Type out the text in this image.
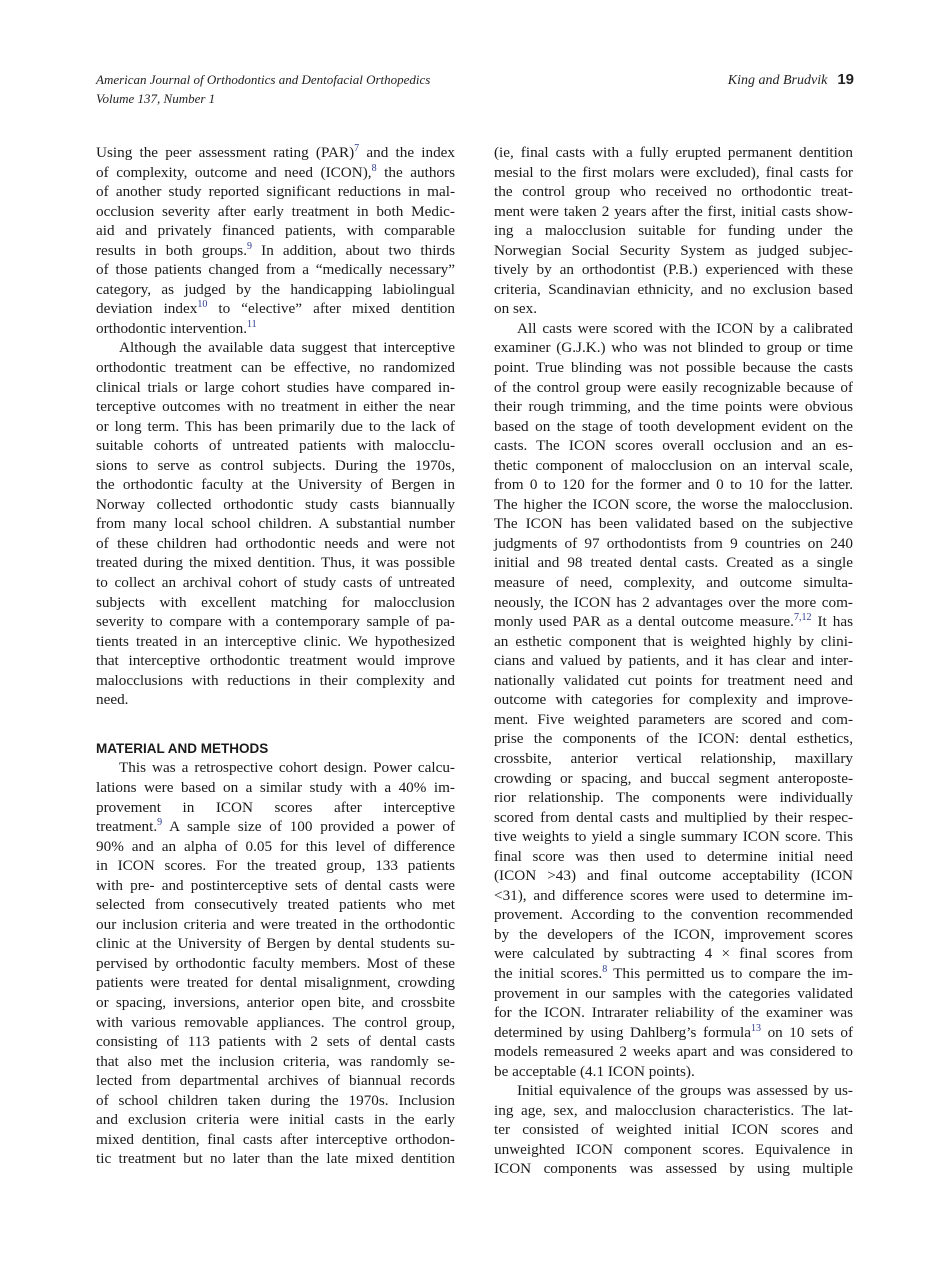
American Journal of Orthodontics and Dentofacial Orthopedics
Volume 137, Number 1
King and Brudvik 19
Using the peer assessment rating (PAR)$^7$ and the index
of complexity, outcome and need (ICON),$^8$ the authors
of another study reported significant reductions in mal-
occlusion severity after early treatment in both Medic-
aid and privately financed patients, with comparable
results in both groups.$^9$ In addition, about two thirds
of those patients changed from a “medically necessary”
category, as judged by the handicapping labiolingual
deviation index$^{10}$ to “elective” after mixed dentition
orthodontic intervention.$^{11}$
Although the available data suggest that interceptive
orthodontic treatment can be effective, no randomized
clinical trials or large cohort studies have compared in-
terceptive outcomes with no treatment in either the near
or long term. This has been primarily due to the lack of
suitable cohorts of untreated patients with malocclu-
sions to serve as control subjects. During the 1970s,
the orthodontic faculty at the University of Bergen in
Norway collected orthodontic study casts biannually
from many local school children. A substantial number
of these children had orthodontic needs and were not
treated during the mixed dentition. Thus, it was possible
to collect an archival cohort of study casts of untreated
subjects with excellent matching for malocclusion
severity to compare with a contemporary sample of pa-
tients treated in an interceptive clinic. We hypothesized
that interceptive orthodontic treatment would improve
malocclusions with reductions in their complexity and
need.
MATERIAL AND METHODS
This was a retrospective cohort design. Power calcu-
lations were based on a similar study with a 40% im-
provement in ICON scores after interceptive
treatment.$^9$ A sample size of 100 provided a power of
90% and an alpha of 0.05 for this level of difference
in ICON scores. For the treated group, 133 patients
with pre- and postinterceptive sets of dental casts were
selected from consecutively treated patients who met
our inclusion criteria and were treated in the orthodontic
clinic at the University of Bergen by dental students su-
pervised by orthodontic faculty members. Most of these
patients were treated for dental misalignment, crowding
or spacing, inversions, anterior open bite, and crossbite
with various removable appliances. The control group,
consisting of 113 patients with 2 sets of dental casts
that also met the inclusion criteria, was randomly se-
lected from departmental archives of biannual records
of school children taken during the 1970s. Inclusion
and exclusion criteria were initial casts in the early
mixed dentition, final casts after interceptive orthodon-
tic treatment but no later than the late mixed dentition
(ie, final casts with a fully erupted permanent dentition
mesial to the first molars were excluded), final casts for
the control group who received no orthodontic treat-
ment were taken 2 years after the first, initial casts show-
ing a malocclusion suitable for funding under the
Norwegian Social Security System as judged subjec-
tively by an orthodontist (P.B.) experienced with these
criteria, Scandinavian ethnicity, and no exclusion based
on sex.
All casts were scored with the ICON by a calibrated
examiner (G.J.K.) who was not blinded to group or time
point. True blinding was not possible because the casts
of the control group were easily recognizable because of
their rough trimming, and the time points were obvious
based on the stage of tooth development evident on the
casts. The ICON scores overall occlusion and an es-
thetic component of malocclusion on an interval scale,
from 0 to 120 for the former and 0 to 10 for the latter.
The higher the ICON score, the worse the malocclusion.
The ICON has been validated based on the subjective
judgments of 97 orthodontists from 9 countries on 240
initial and 98 treated dental casts. Created as a single
measure of need, complexity, and outcome simulta-
neously, the ICON has 2 advantages over the more com-
monly used PAR as a dental outcome measure.$^{7,12}$ It has
an esthetic component that is weighted highly by clini-
cians and valued by patients, and it has clear and inter-
nationally validated cut points for treatment need and
outcome with categories for complexity and improve-
ment. Five weighted parameters are scored and com-
prise the components of the ICON: dental esthetics,
crossbite, anterior vertical relationship, maxillary
crowding or spacing, and buccal segment anteroposte-
rior relationship. The components were individually
scored from dental casts and multiplied by their respec-
tive weights to yield a single summary ICON score. This
final score was then used to determine initial need
(ICON >43) and final outcome acceptability (ICON
<31), and difference scores were used to determine im-
provement. According to the convention recommended
by the developers of the ICON, improvement scores
were calculated by subtracting 4 × final scores from
the initial scores.$^8$ This permitted us to compare the im-
provement in our samples with the categories validated
for the ICON. Intrarater reliability of the examiner was
determined by using Dahlberg’s formula$^{13}$ on 10 sets of
models remeasured 2 weeks apart and was considered to
be acceptable (4.1 ICON points).
Initial equivalence of the groups was assessed by us-
ing age, sex, and malocclusion characteristics. The lat-
ter consisted of weighted initial ICON scores and
unweighted ICON component scores. Equivalence in
ICON components was assessed by using multiple
